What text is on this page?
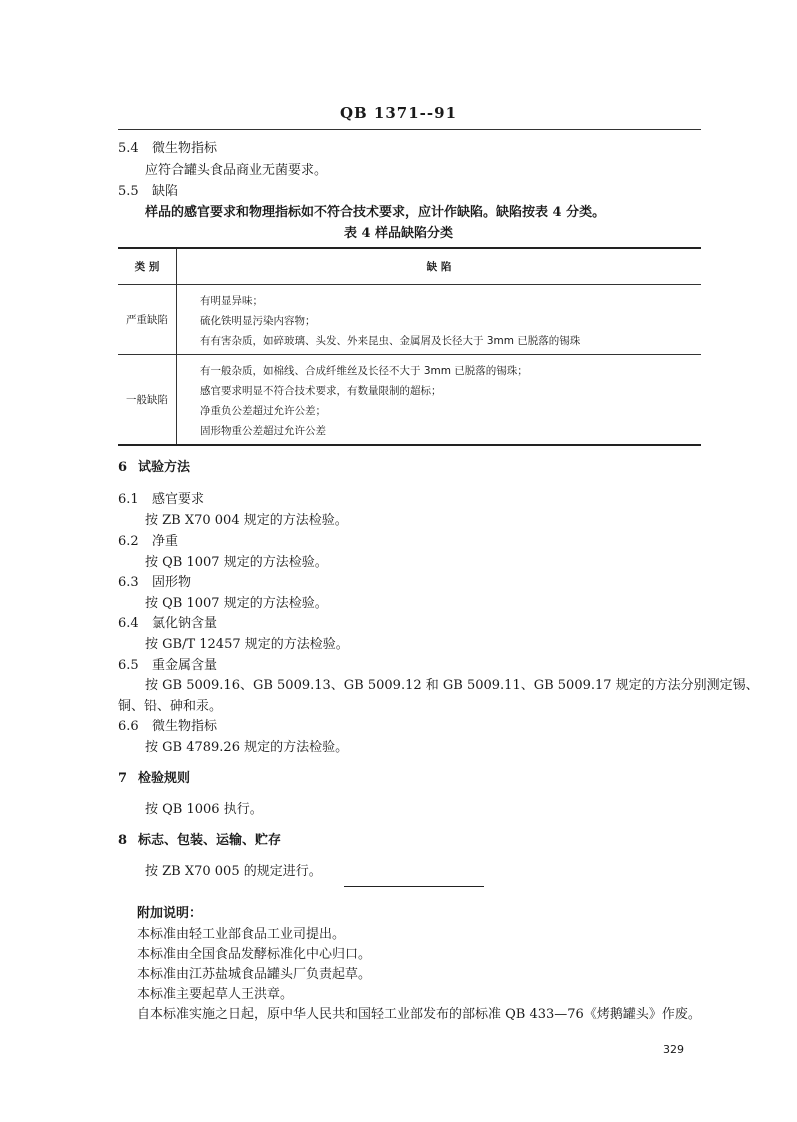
QB 1371--91
5.4 微生物指标
应符合罐头食品商业无菌要求。
5.5 缺陷
样品的感官要求和物理指标如不符合技术要求，应计作缺陷。缺陷按表 4 分类。
表 4 样品缺陷分类
类 别	缺 陷
严重缺陷	有明显异味；
硫化铁明显污染内容物；
有有害杂质，如碎玻璃、头发、外来昆虫、金属屑及长径大于 3mm 已脱落的锡珠

一般缺陷	有一般杂质，如棉线、合成纤维丝及长径不大于 3mm 已脱落的锡珠；
感官要求明显不符合技术要求，有数量限制的超标；
净重负公差超过允许公差；
固形物重公差超过允许公差
6 试验方法
6.1 感官要求
按 ZB X70 004 规定的方法检验。
6.2 净重
按 QB 1007 规定的方法检验。
6.3 固形物
按 QB 1007 规定的方法检验。
6.4 氯化钠含量
按 GB/T 12457 规定的方法检验。
6.5 重金属含量
按 GB 5009.16、GB 5009.13、GB 5009.12 和 GB 5009.11、GB 5009.17 规定的方法分别测定锡、
铜、铅、砷和汞。
6.6 微生物指标
按 GB 4789.26 规定的方法检验。
7 检验规则
按 QB 1006 执行。
8 标志、包装、运输、贮存
按 ZB X70 005 的规定进行。
附加说明：
本标准由轻工业部食品工业司提出。
本标准由全国食品发酵标准化中心归口。
本标准由江苏盐城食品罐头厂负责起草。
本标准主要起草人王洪章。
自本标准实施之日起，原中华人民共和国轻工业部发布的部标准 QB 433—76《烤鹅罐头》作废。
329
